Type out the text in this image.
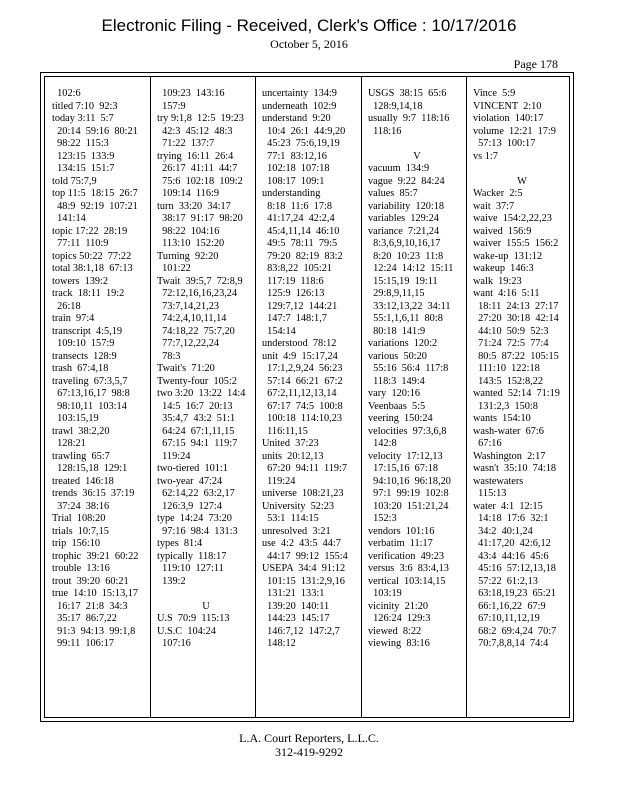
Electronic Filing - Received, Clerk's Office : 10/17/2016
October 5, 2016
Page 178
102:6
titled 7:10  92:3
today 3:11  5:7
20:14  59:16  80:21
98:22  115:3
123:15  133:9
134:15  151:7
told 75:7,9
top 11:5  18:15  26:7
48:9  92:19  107:21
141:14
topic 17:22  28:19
77:11  110:9
topics 50:22  77:22
total 38:1,18  67:13
towers  139:2
track  18:11  19:2
26:18
train  97:4
transcript  4:5,19
109:10  157:9
transects  128:9
trash  67:4,18
traveling  67:3,5,7
67:13,16,17  98:8
98:10,11  103:14
103:15,19
trawl  38:2,20
128:21
trawling  65:7
128:15,18  129:1
treated  146:18
trends  36:15  37:19
37:24  38:16
Trial  108:20
trials  10:7,15
trip  156:10
trophic  39:21  60:22
trouble  13:16
trout  39:20  60:21
true  14:10  15:13,17
16:17  21:8  34:3
35:17  86:7,22
91:3  94:13  99:1,8
99:11  106:17
109:23  143:16
157:9
try 9:1,8  12:5  19:23
42:3  45:12  48:3
71:22  137:7
trying  16:11  26:4
26:17  41:11  44:7
75:6  102:18  109:2
109:14  116:9
turn  33:20  34:17
38:17  91:17  98:20
98:22  104:16
113:10  152:20
Turning  92:20
101:22
Twait  39:5,7  72:8,9
72:12,16,16,23,24
73:7,14,21,23
74:2,4,10,11,14
74:18,22  75:7,20
77:7,12,22,24
78:3
Twait's  71:20
Twenty-four  105:2
two 3:20  13:22  14:4
14:5  16:7  20:13
35:4,7  43:2  51:1
64:24  67:1,11,15
67:15  94:1  119:7
119:24
two-tiered  101:1
two-year  47:24
62:14,22  63:2,17
126:3,9  127:4
type  14:24  73:20
97:16  98:4  131:3
types  81:4
typically  118:17
119:10  127:11
139:2
U
U.S  70:9  115:13
U.S.C  104:24
107:16
uncertainty  134:9
underneath  102:9
understand  9:20
10:4  26:1  44:9,20
45:23  75:6,19,19
77:1  83:12,16
102:18  107:18
108:17  109:1
understanding
8:18  11:6  17:8
41:17,24  42:2,4
45:4,11,14  46:10
49:5  78:11  79:5
79:20  82:19  83:2
83:8,22  105:21
117:19  118:6
125:9  126:13
129:7,12  144:21
147:7  148:1,7
154:14
understood  78:12
unit  4:9  15:17,24
17:1,2,9,24  56:23
57:14  66:21  67:2
67:2,11,12,13,14
67:17  74:5  100:8
100:18  114:10,23
116:11,15
United  37:23
units  20:12,13
67:20  94:11  119:7
119:24
universe  108:21,23
University  52:23
53:1  114:15
unresolved  3:21
use  4:2  43:5  44:7
44:17  99:12  155:4
USEPA  34:4  91:12
101:15  131:2,9,16
131:21  133:1
139:20  140:11
144:23  145:17
146:7,12  147:2,7
148:12
USGS  38:15  65:6
128:9,14,18
usually  9:7  118:16
118:16
V
vacuum  134:9
vague  9:22  84:24
values  85:7
variability  120:18
variables  129:24
variance  7:21,24
8:3,6,9,10,16,17
8:20  10:23  11:8
12:24  14:12  15:11
15:15,19  19:11
29:8,9,11,15
33:12,13,22  34:11
55:1,1,6,11  80:8
80:18  141:9
variations  120:2
various  50:20
55:16  56:4  117:8
118:3  149:4
vary  120:16
Veenbaas  5:5
veering  150:24
velocities  97:3,6,8
142:8
velocity  17:12,13
17:15,16  67:18
94:10,16  96:18,20
97:1  99:19  102:8
103:20  151:21,24
152:3
vendors  101:16
verbatim  11:17
verification  49:23
versus  3:6  83:4,13
vertical  103:14,15
103:19
vicinity  21:20
126:24  129:3
viewed  8:22
viewing  83:16
Vince  5:9
VINCENT  2:10
violation  140:17
volume  12:21  17:9
57:13  100:17
vs 1:7
W
Wacker  2:5
wait  37:7
waive  154:2,22,23
waived  156:9
waiver  155:5  156:2
wake-up  131:12
wakeup  146:3
walk  19:23
want  4:16  5:11
18:11  24:13  27:17
27:20  30:18  42:14
44:10  50:9  52:3
71:24  72:5  77:4
80:5  87:22  105:15
111:10  122:18
143:5  152:8,22
wanted  52:14  71:19
131:2,3  150:8
wants  154:10
wash-water  67:6
67:16
Washington  2:17
wasn't  35:10  74:18
wastewaters
115:13
water  4:1  12:15
14:18  17:6  32:1
34:2  40:1,24
41:17,20  42:6,12
43:4  44:16  45:6
45:16  57:12,13,18
57:22  61:2,13
63:18,19,23  65:21
66:1,16,22  67:9
67:10,11,12,19
68:2  69:4,24  70:7
70:7,8,8,14  74:4
L.A. Court Reporters, L.L.C.
312-419-9292
